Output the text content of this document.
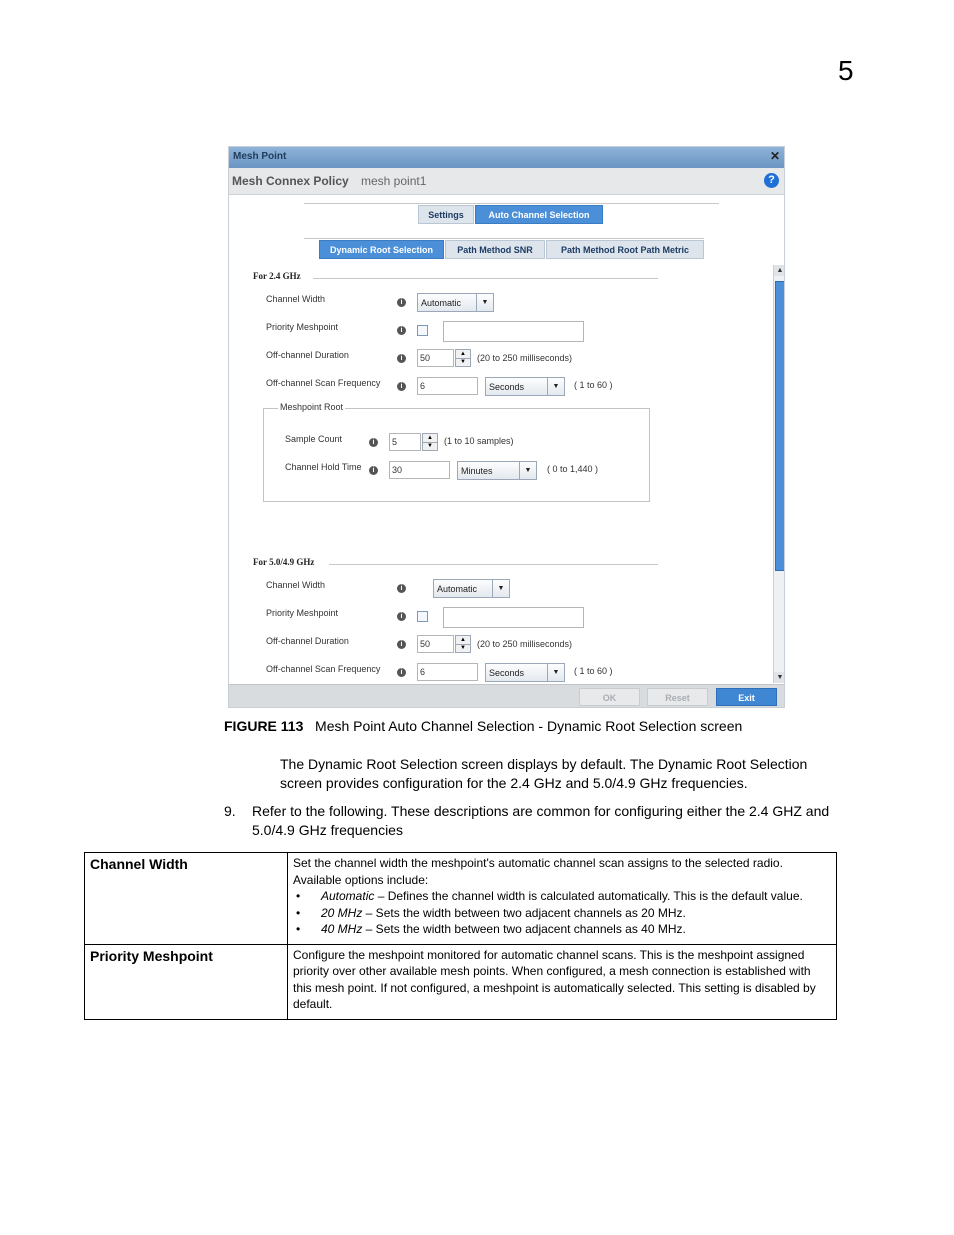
5
Mesh Point	✕
Mesh Connex Policy mesh point1	?
Settings	Auto Channel Selection
Dynamic Root Selection	Path Method SNR	Path Method Root Path Metric
For 2.4 GHz
Channel Width	i	Automatic	▼
Priority Meshpoint	i
Off-channel Duration	i	50	▲
▼	(20 to 250 milliseconds)
Off-channel Scan Frequency	i	6	Seconds	▼	( 1 to 60 )
Meshpoint Root
Sample Count	i	5	▲
▼	(1 to 10 samples)
Channel Hold Time	i	30	Minutes	▼	( 0 to 1,440 )
For 5.0/4.9 GHz
Channel Width	i	Automatic	▼
Priority Meshpoint	i
Off-channel Duration	i	50	▲
▼	(20 to 250 milliseconds)
Off-channel Scan Frequency	i	6	Seconds	▼	( 1 to 60 )
▲
▼
OK	Reset	Exit
FIGURE 113 Mesh Point Auto Channel Selection - Dynamic Root Selection screen
The Dynamic Root Selection screen displays by default. The Dynamic Root Selection
screen provides configuration for the 2.4 GHz and 5.0/4.9 GHz frequencies.
9. Refer to the following. These descriptions are common for configuring either the 2.4 GHZ and
5.0/4.9 GHz frequencies
Channel Width	Set the channel width the meshpoint's automatic channel scan assigns to the selected radio. Available options include:
• Automatic – Defines the channel width is calculated automatically. This is the default value.
• 20 MHz – Sets the width between two adjacent channels as 20 MHz.
• 40 MHz – Sets the width between two adjacent channels as 40 MHz.

Priority Meshpoint	Configure the meshpoint monitored for automatic channel scans. This is the meshpoint assigned priority over other available mesh points. When configured, a mesh connection is established with this mesh point. If not configured, a meshpoint is automatically selected. This setting is disabled by default.
